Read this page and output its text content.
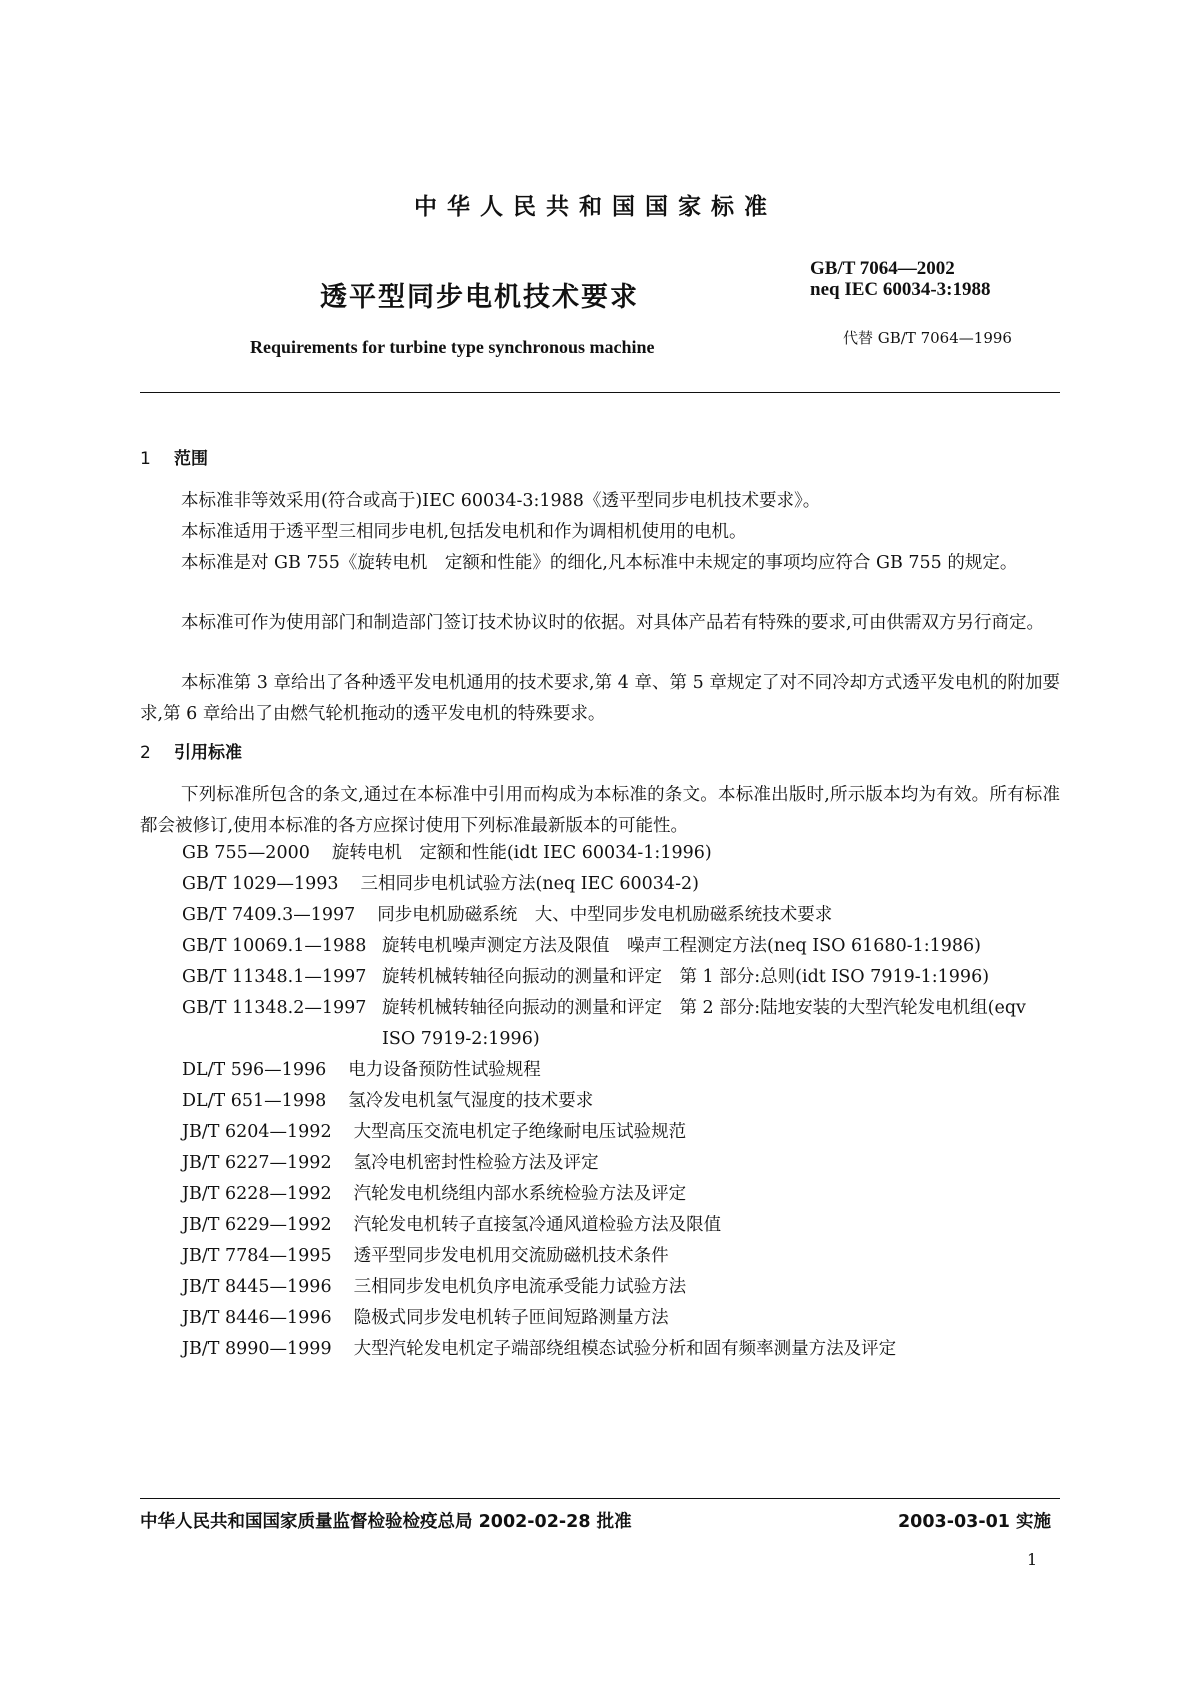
中华人民共和国国家标准
透平型同步电机技术要求
Requirements for turbine type synchronous machine
GB/T 7064—2002
neq IEC 60034-3:1988
代替 GB/T 7064—1996
1 范围
本标准非等效采用(符合或高于)IEC 60034-3:1988《透平型同步电机技术要求》。
本标准适用于透平型三相同步电机,包括发电机和作为调相机使用的电机。
本标准是对 GB 755《旋转电机　定额和性能》的细化,凡本标准中未规定的事项均应符合 GB 755 的规定。
本标准可作为使用部门和制造部门签订技术协议时的依据。对具体产品若有特殊的要求,可由供需双方另行商定。
本标准第 3 章给出了各种透平发电机通用的技术要求,第 4 章、第 5 章规定了对不同冷却方式透平发电机的附加要求,第 6 章给出了由燃气轮机拖动的透平发电机的特殊要求。
2 引用标准
下列标准所包含的条文,通过在本标准中引用而构成为本标准的条文。本标准出版时,所示版本均为有效。所有标准都会被修订,使用本标准的各方应探讨使用下列标准最新版本的可能性。
GB 755—2000	旋转电机　定额和性能(idt IEC 60034-1:1996)
GB/T 1029—1993	三相同步电机试验方法(neq IEC 60034-2)
GB/T 7409.3—1997	同步电机励磁系统　大、中型同步发电机励磁系统技术要求
GB/T 10069.1—1988 旋转电机噪声测定方法及限值　噪声工程测定方法(neq ISO 61680-1:1986)
GB/T 11348.1—1997 旋转机械转轴径向振动的测量和评定　第 1 部分:总则(idt ISO 7919-1:1996)
GB/T 11348.2—1997 旋转机械转轴径向振动的测量和评定　第 2 部分:陆地安装的大型汽轮发电机组(eqv ISO 7919-2:1996)
DL/T 596—1996	电力设备预防性试验规程
DL/T 651—1998	氢冷发电机氢气湿度的技术要求
JB/T 6204—1992	大型高压交流电机定子绝缘耐电压试验规范
JB/T 6227—1992	氢冷电机密封性检验方法及评定
JB/T 6228—1992	汽轮发电机绕组内部水系统检验方法及评定
JB/T 6229—1992	汽轮发电机转子直接氢冷通风道检验方法及限值
JB/T 7784—1995	透平型同步发电机用交流励磁机技术条件
JB/T 8445—1996	三相同步发电机负序电流承受能力试验方法
JB/T 8446—1996	隐极式同步发电机转子匝间短路测量方法
JB/T 8990—1999	大型汽轮发电机定子端部绕组模态试验分析和固有频率测量方法及评定
中华人民共和国国家质量监督检验检疫总局 2002-02-28 批准	2003-03-01 实施
1
